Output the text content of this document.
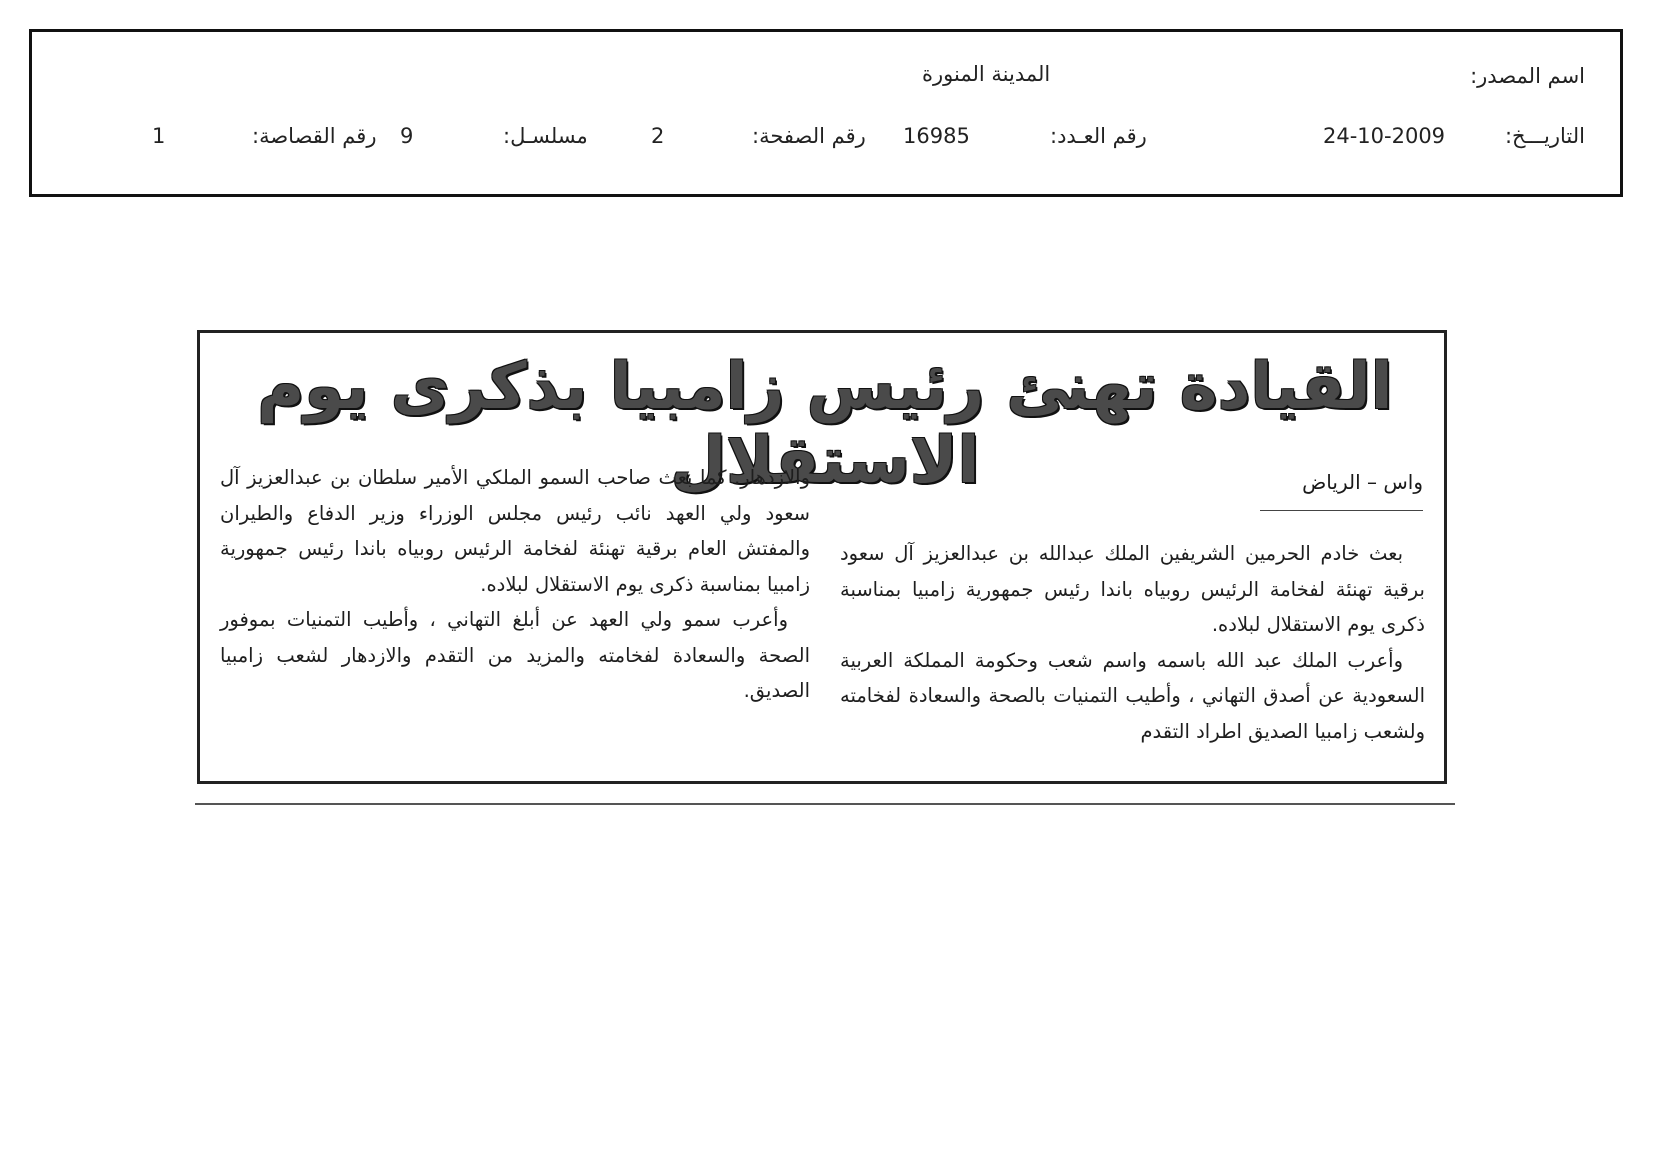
اسم المصدر:
المدينة المنورة
التاريـــخ:
24-10-2009
رقم العـدد:
16985
رقم الصفحة:
2
مسلسـل:
9
رقم القصاصة:
1
القيادة تهنئ رئيس زامبيا بذكرى يوم الاستقلال	واس – الرياض

بعث خادم الحرمين الشريفين الملك عبدالله بن عبدالعزيز آل سعود برقية تهنئة لفخامة الرئيس روبياه باندا رئيس جمهورية زامبيا بمناسبة ذكرى يوم الاستقلال لبلاده.

وأعرب الملك عبد الله باسمه واسم شعب وحكومة المملكة العربية السعودية عن أصدق التهاني ، وأطيب التمنيات بالصحة والسعادة لفخامته ولشعب زامبيا الصديق اطراد التقدم

والازدهار. كما بعث صاحب السمو الملكي الأمير سلطان بن عبدالعزيز آل سعود ولي العهد نائب رئيس مجلس الوزراء وزير الدفاع والطيران والمفتش العام برقية تهنئة لفخامة الرئيس روبياه باندا رئيس جمهورية زامبيا بمناسبة ذكرى يوم الاستقلال لبلاده.

وأعرب سمو ولي العهد عن أبلغ التهاني ، وأطيب التمنيات بموفور الصحة والسعادة لفخامته والمزيد من التقدم والازدهار لشعب زامبيا الصديق.
